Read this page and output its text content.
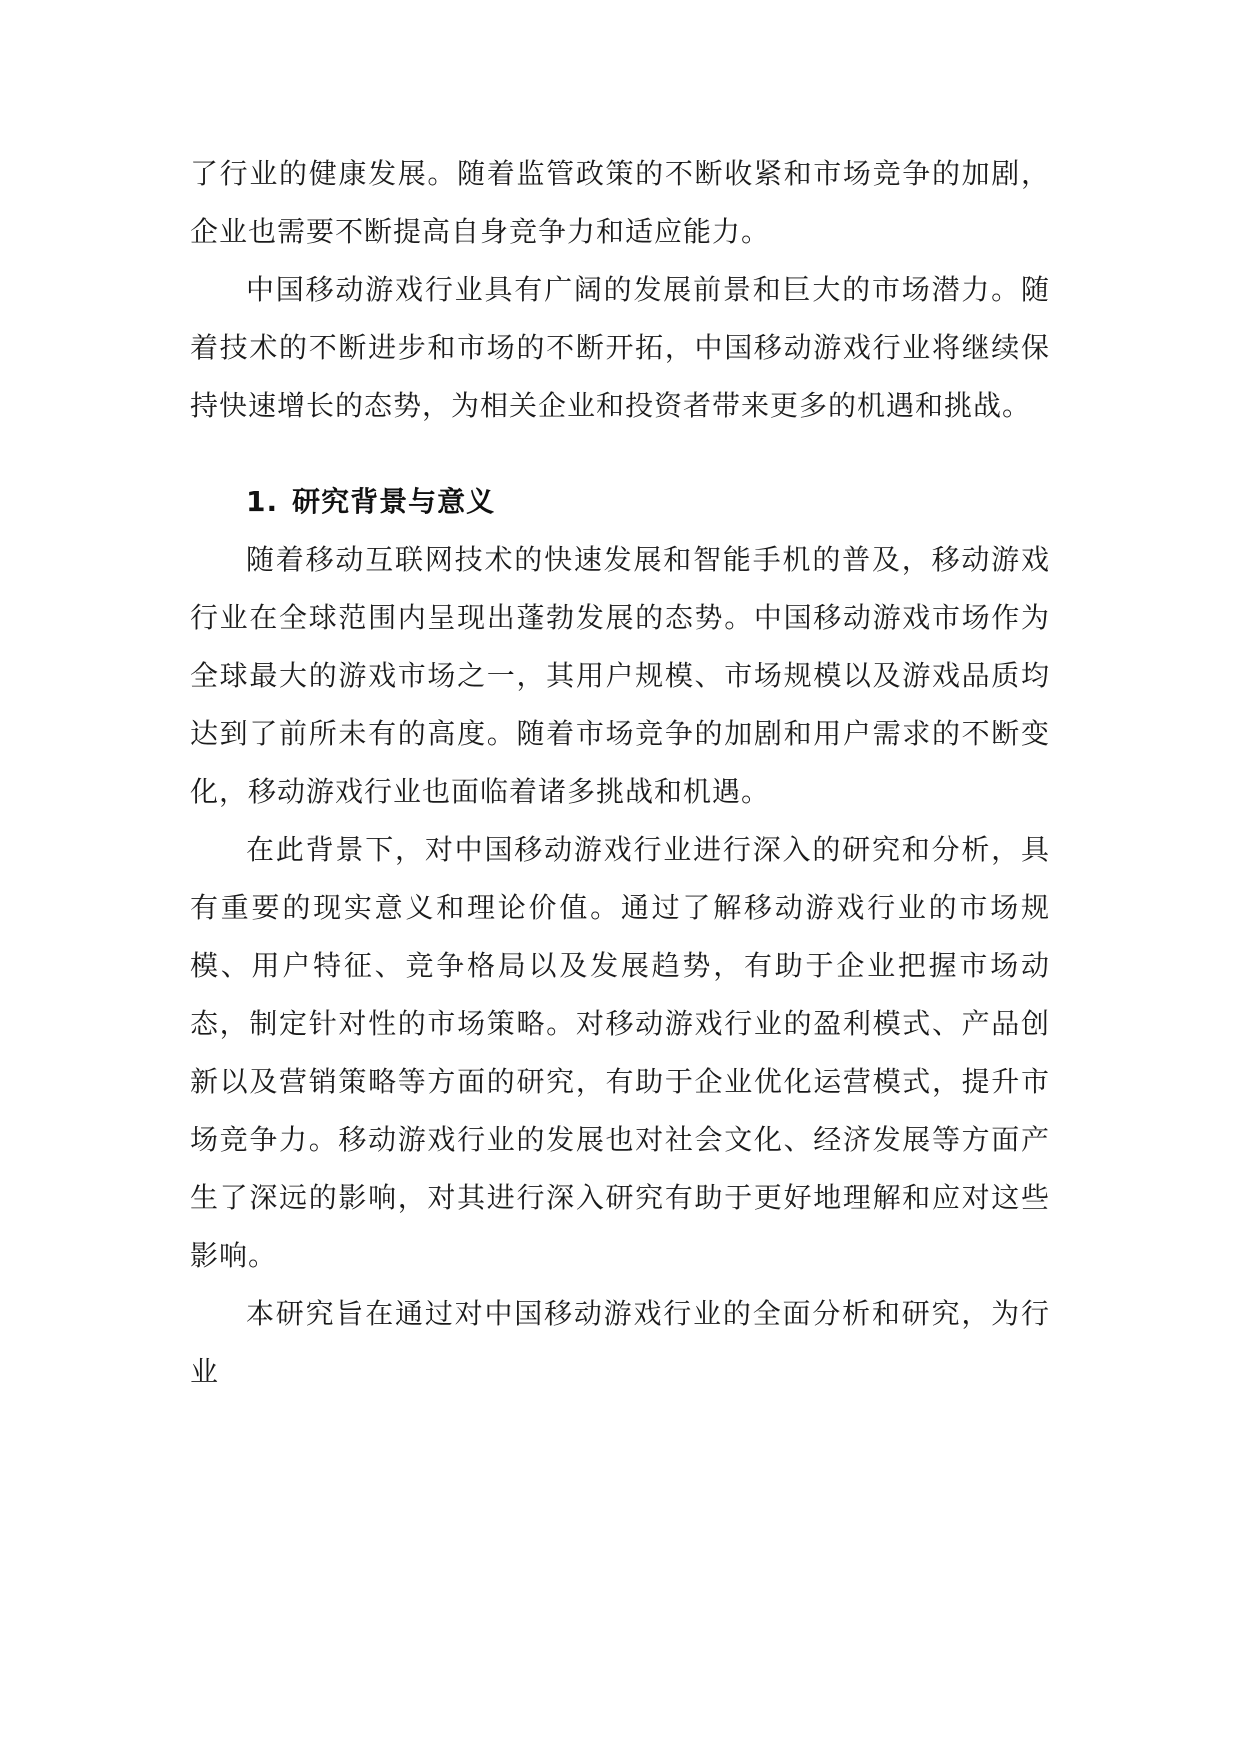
了行业的健康发展。随着监管政策的不断收紧和市场竞争的加剧，企业也需要不断提高自身竞争力和适应能力。

中国移动游戏行业具有广阔的发展前景和巨大的市场潜力。随着技术的不断进步和市场的不断开拓，中国移动游戏行业将继续保持快速增长的态势，为相关企业和投资者带来更多的机遇和挑战。

1. 研究背景与意义

随着移动互联网技术的快速发展和智能手机的普及，移动游戏行业在全球范围内呈现出蓬勃发展的态势。中国移动游戏市场作为全球最大的游戏市场之一，其用户规模、市场规模以及游戏品质均达到了前所未有的高度。随着市场竞争的加剧和用户需求的不断变化，移动游戏行业也面临着诸多挑战和机遇。

在此背景下，对中国移动游戏行业进行深入的研究和分析，具有重要的现实意义和理论价值。通过了解移动游戏行业的市场规模、用户特征、竞争格局以及发展趋势，有助于企业把握市场动态，制定针对性的市场策略。对移动游戏行业的盈利模式、产品创新以及营销策略等方面的研究，有助于企业优化运营模式，提升市场竞争力。移动游戏行业的发展也对社会文化、经济发展等方面产生了深远的影响，对其进行深入研究有助于更好地理解和应对这些影响。

本研究旨在通过对中国移动游戏行业的全面分析和研究，为行业
